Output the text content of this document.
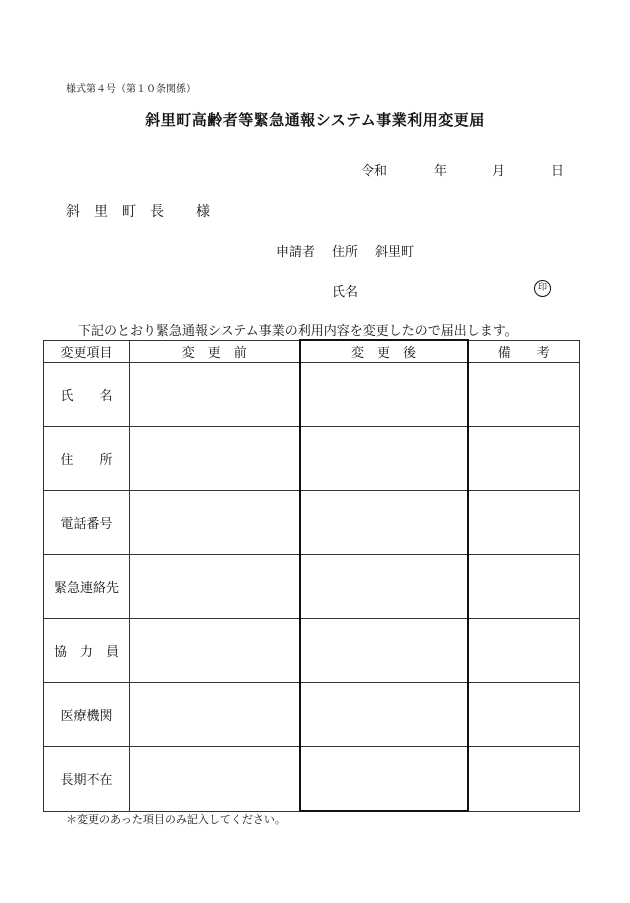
様式第４号（第１０条関係）
斜里町高齢者等緊急通報システム事業利用変更届
令和	年	月	日
斜里町長 様
申請者 住所 斜里町
氏名	印
下記のとおり緊急通報システム事業の利用内容を変更したので届出します。
変更項目	変　更　前	変　更　後	備　　考
氏　　名			
住　　所			
電話番号			
緊急連絡先			
協　力　員			
医療機関			
長期不在			
＊変更のあった項目のみ記入してください。
